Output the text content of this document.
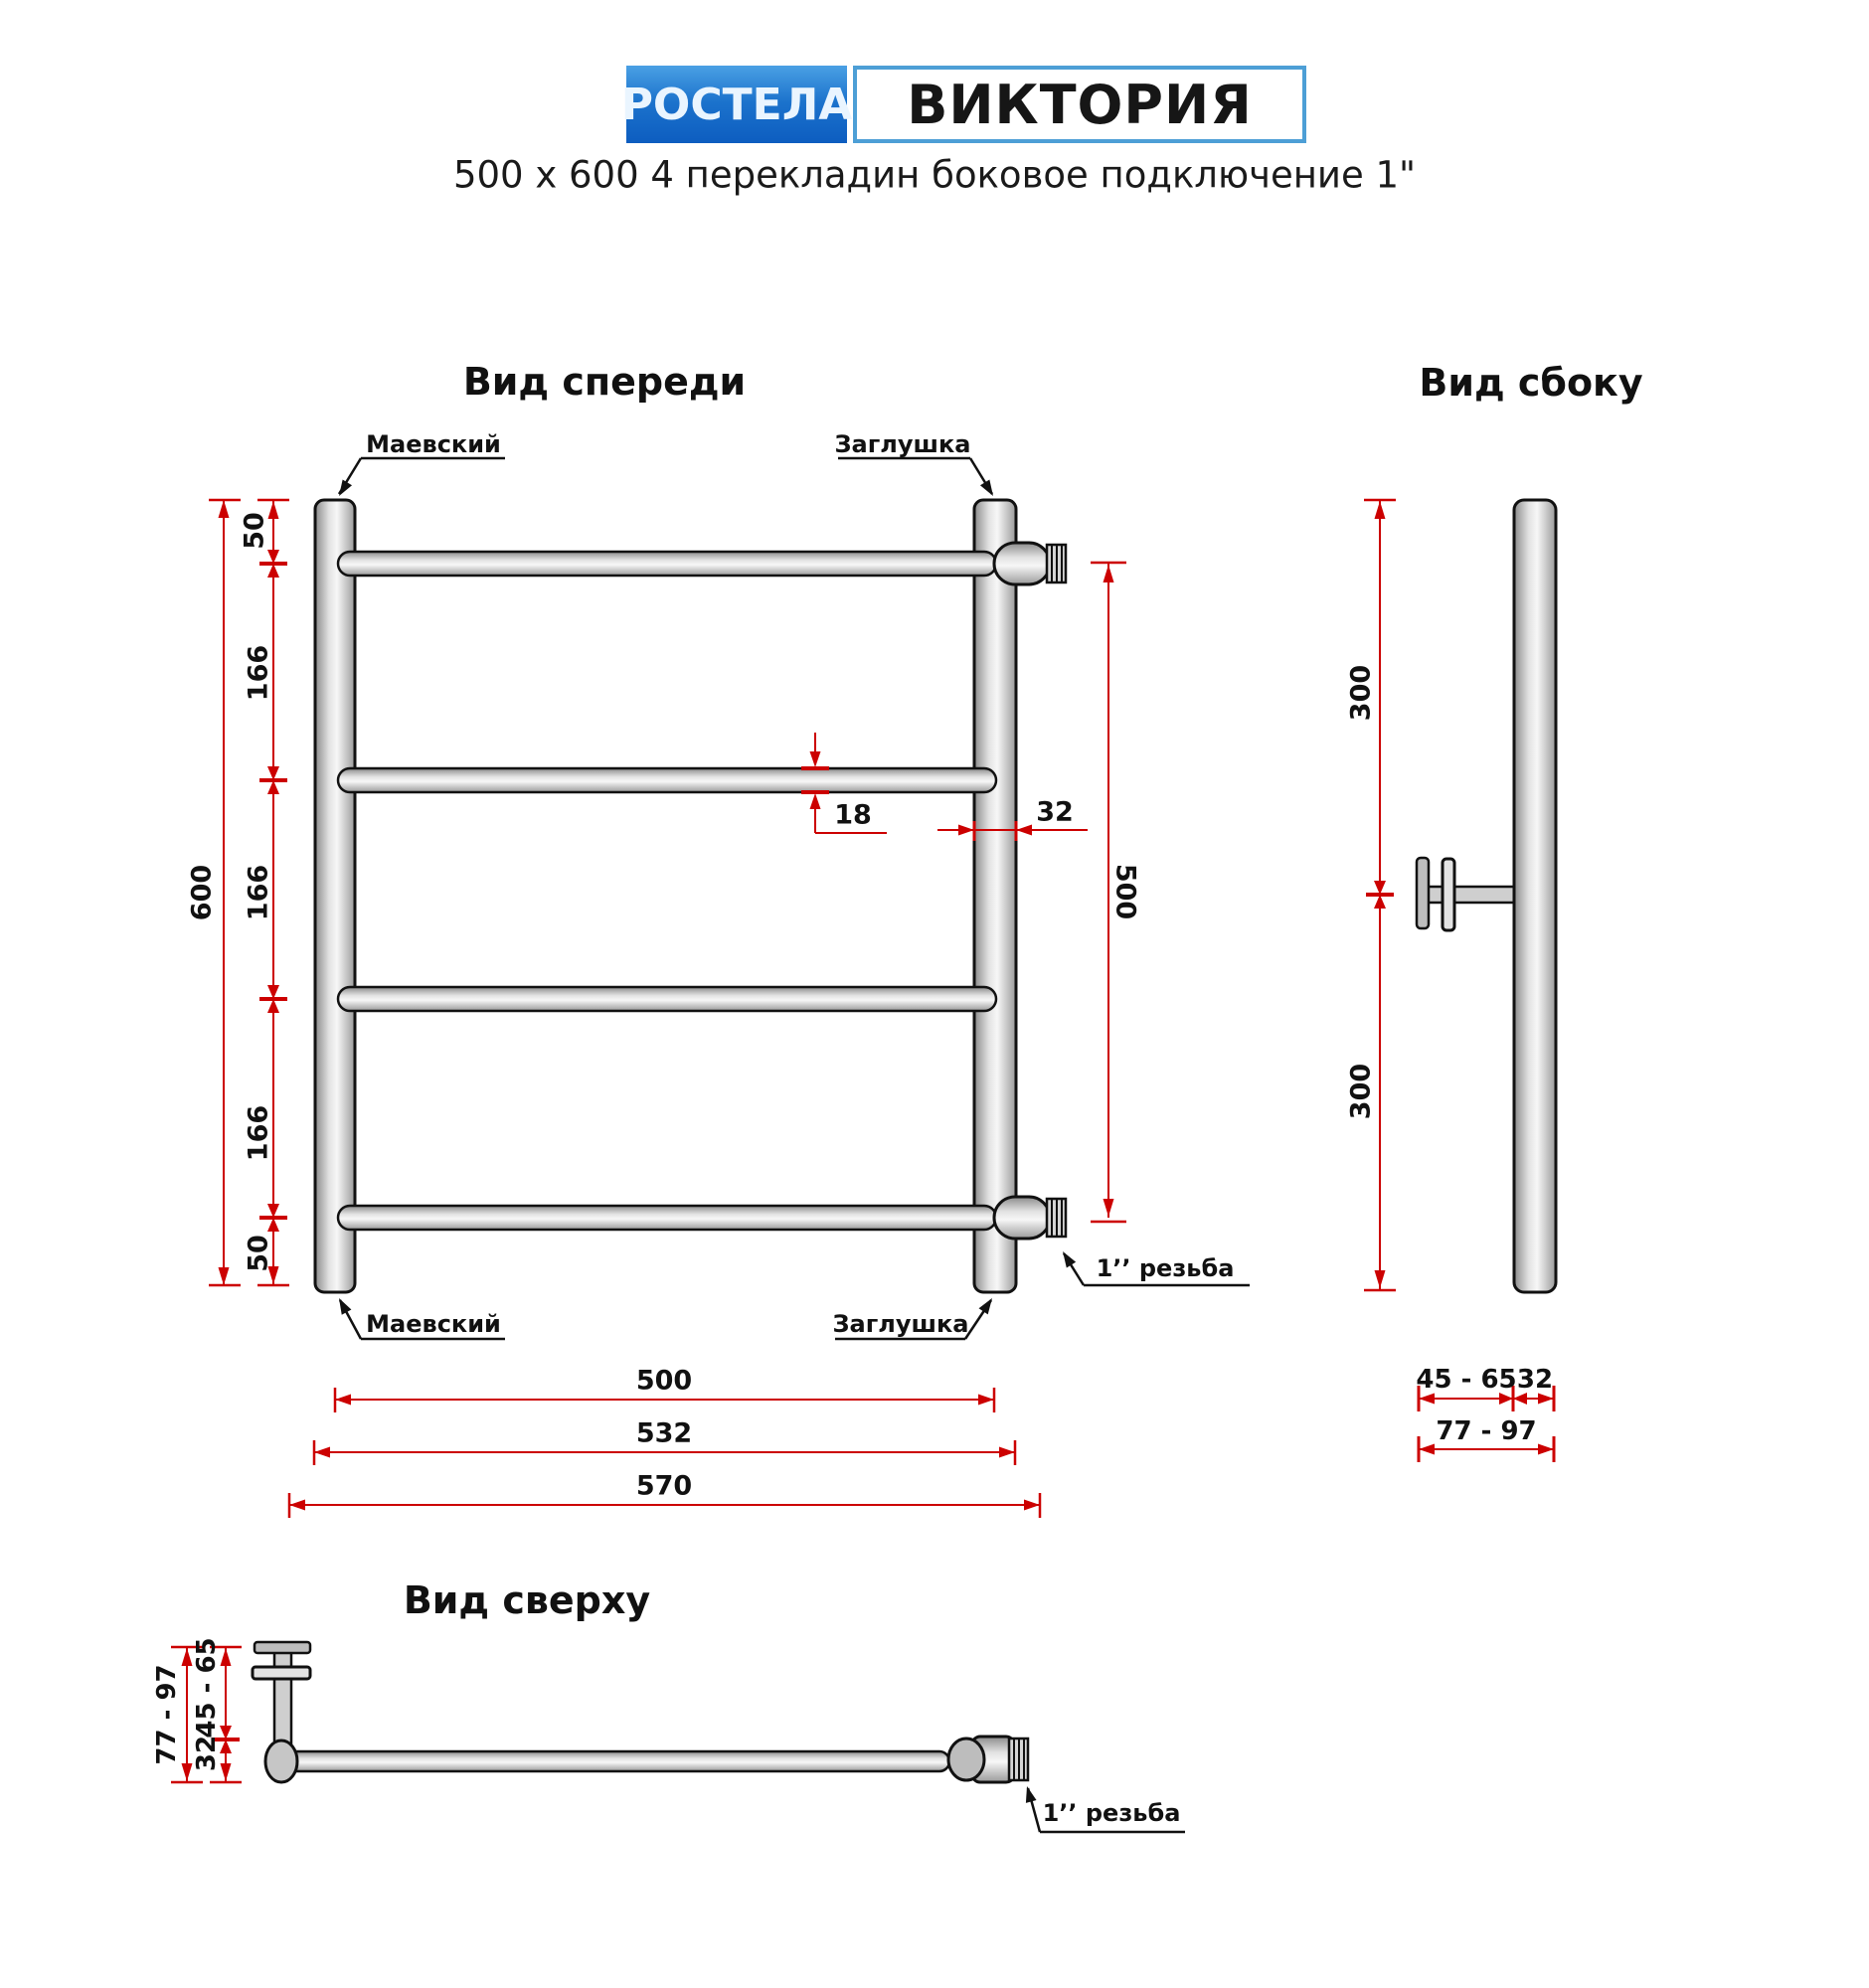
РОСТЕЛА	ВИКТОРИЯ
500 x 600 4 перекладин боковое подключение 1"
Вид спереди	Вид сбоку
Вид сверху
Маевский	Заглушка
Маевский	Заглушка
1’’ резьба
1’’ резьба
50
166
166
166
50
600	500
18	32
500
532
570
300
300
45 - 65 32
77 - 97
77 - 97 45 - 65
32
